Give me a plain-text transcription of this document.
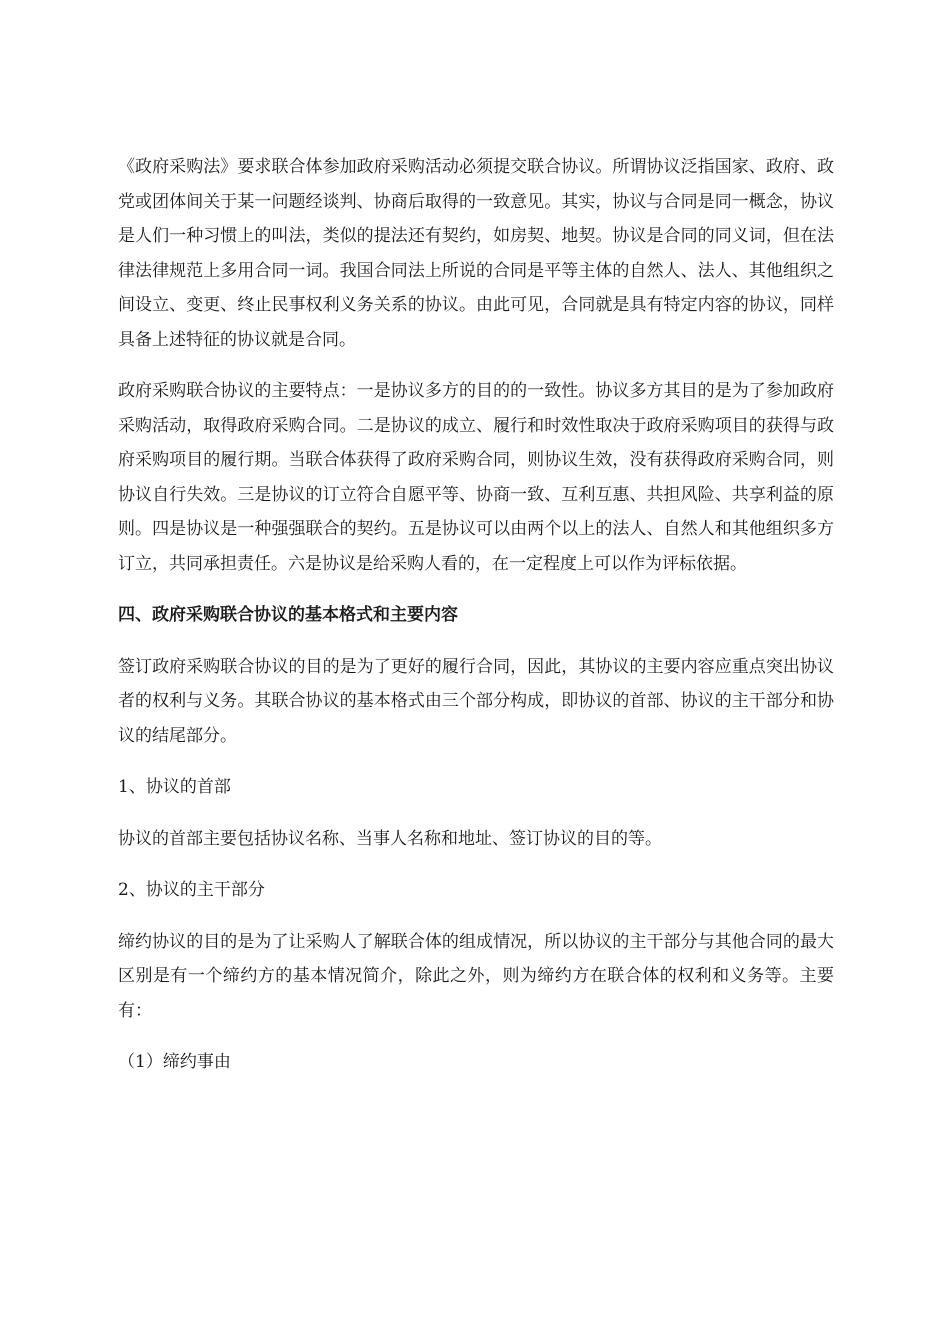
《政府采购法》要求联合体参加政府采购活动必须提交联合协议。所谓协议泛指国家、政府、政党或团体间关于某一问题经谈判、协商后取得的一致意见。其实，协议与合同是同一概念，协议是人们一种习惯上的叫法，类似的提法还有契约，如房契、地契。协议是合同的同义词，但在法律法律规范上多用合同一词。我国合同法上所说的合同是平等主体的自然人、法人、其他组织之间设立、变更、终止民事权利义务关系的协议。由此可见，合同就是具有特定内容的协议，同样具备上述特征的协议就是合同。

政府采购联合协议的主要特点：一是协议多方的目的的一致性。协议多方其目的是为了参加政府采购活动，取得政府采购合同。二是协议的成立、履行和时效性取决于政府采购项目的获得与政府采购项目的履行期。当联合体获得了政府采购合同，则协议生效，没有获得政府采购合同，则协议自行失效。三是协议的订立符合自愿平等、协商一致、互利互惠、共担风险、共享利益的原则。四是协议是一种强强联合的契约。五是协议可以由两个以上的法人、自然人和其他组织多方订立，共同承担责任。六是协议是给采购人看的，在一定程度上可以作为评标依据。

四、政府采购联合协议的基本格式和主要内容

签订政府采购联合协议的目的是为了更好的履行合同，因此，其协议的主要内容应重点突出协议者的权利与义务。其联合协议的基本格式由三个部分构成，即协议的首部、协议的主干部分和协议的结尾部分。

1、协议的首部

协议的首部主要包括协议名称、当事人名称和地址、签订协议的目的等。

2、协议的主干部分

缔约协议的目的是为了让采购人了解联合体的组成情况，所以协议的主干部分与其他合同的最大区别是有一个缔约方的基本情况简介，除此之外，则为缔约方在联合体的权利和义务等。主要有：

（1）缔约事由
